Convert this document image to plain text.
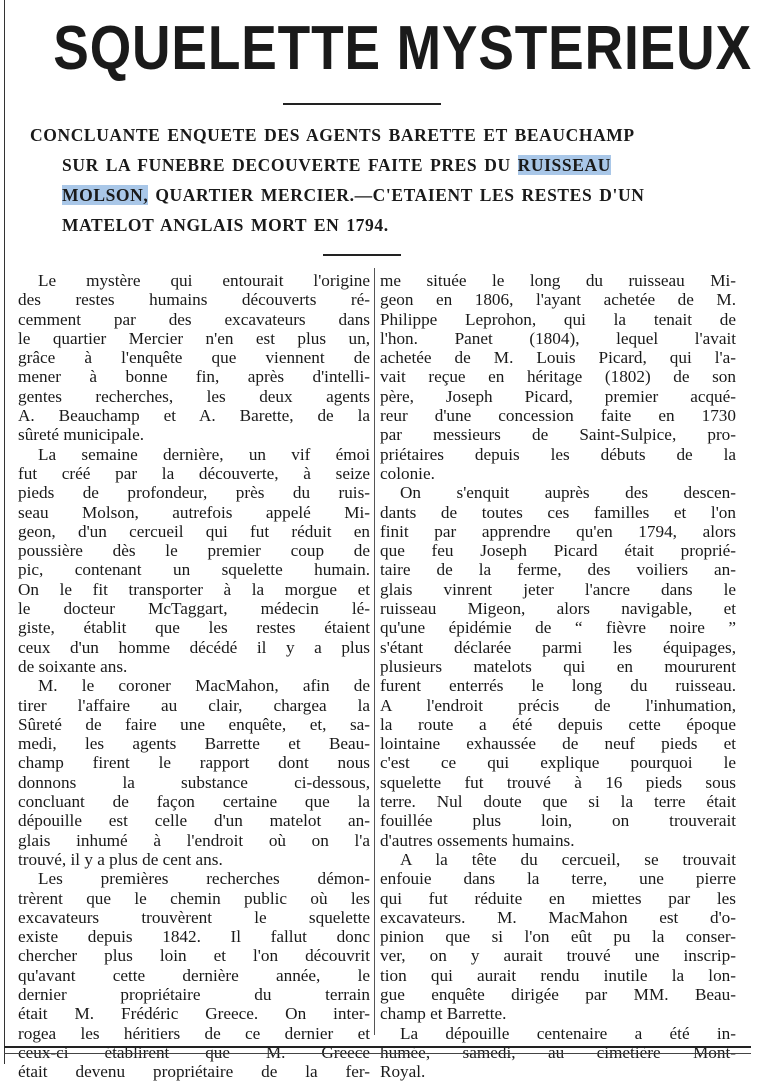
SQUELETTE MYSTERIEUX
CONCLUANTE ENQUETE DES AGENTS BARETTE ET BEAUCHAMP
SUR LA FUNEBRE DECOUVERTE FAITE PRES DU RUISSEAU
MOLSON, QUARTIER MERCIER.—C'ETAIENT LES RESTES D'UN
MATELOT ANGLAIS MORT EN 1794.
Le mystère qui entourait l'origine
des restes humains découverts ré-
cemment par des excavateurs dans
le quartier Mercier n'en est plus un,
grâce à l'enquête que viennent de
mener à bonne fin, après d'intelli-
gentes recherches, les deux agents
A. Beauchamp et A. Barette, de la
sûreté municipale.
La semaine dernière, un vif émoi
fut créé par la découverte, à seize
pieds de profondeur, près du ruis-
seau Molson, autrefois appelé Mi-
geon, d'un cercueil qui fut réduit en
poussière dès le premier coup de
pic, contenant un squelette humain.
On le fit transporter à la morgue et
le docteur McTaggart, médecin lé-
giste, établit que les restes étaient
ceux d'un homme décédé il y a plus
de soixante ans.
M. le coroner MacMahon, afin de
tirer l'affaire au clair, chargea la
Sûreté de faire une enquête, et, sa-
medi, les agents Barrette et Beau-
champ firent le rapport dont nous
donnons la substance ci-dessous,
concluant de façon certaine que la
dépouille est celle d'un matelot an-
glais inhumé à l'endroit où on l'a
trouvé, il y a plus de cent ans.
Les premières recherches démon-
trèrent que le chemin public où les
excavateurs trouvèrent le squelette
existe depuis 1842. Il fallut donc
chercher plus loin et l'on découvrit
qu'avant cette dernière année, le
dernier propriétaire du terrain
était M. Frédéric Greece. On inter-
rogea les héritiers de ce dernier et
ceux-ci établirent que M. Greece
était devenu propriétaire de la fer-
me située le long du ruisseau Mi-
geon en 1806, l'ayant achetée de M.
Philippe Leprohon, qui la tenait de
l'hon. Panet (1804), lequel l'avait
achetée de M. Louis Picard, qui l'a-
vait reçue en héritage (1802) de son
père, Joseph Picard, premier acqué-
reur d'une concession faite en 1730
par messieurs de Saint-Sulpice, pro-
priétaires depuis les débuts de la
colonie.
On s'enquit auprès des descen-
dants de toutes ces familles et l'on
finit par apprendre qu'en 1794, alors
que feu Joseph Picard était proprié-
taire de la ferme, des voiliers an-
glais vinrent jeter l'ancre dans le
ruisseau Migeon, alors navigable, et
qu'une épidémie de “ fièvre noire ”
s'étant déclarée parmi les équipages,
plusieurs matelots qui en moururent
furent enterrés le long du ruisseau.
A l'endroit précis de l'inhumation,
la route a été depuis cette époque
lointaine exhaussée de neuf pieds et
c'est ce qui explique pourquoi le
squelette fut trouvé à 16 pieds sous
terre. Nul doute que si la terre était
fouillée plus loin, on trouverait
d'autres ossements humains.
A la tête du cercueil, se trouvait
enfouie dans la terre, une pierre
qui fut réduite en miettes par les
excavateurs. M. MacMahon est d'o-
pinion que si l'on eût pu la conser-
ver, on y aurait trouvé une inscrip-
tion qui aurait rendu inutile la lon-
gue enquête dirigée par MM. Beau-
champ et Barrette.
La dépouille centenaire a été in-
humée, samedi, au cimetière Mont-
Royal.
